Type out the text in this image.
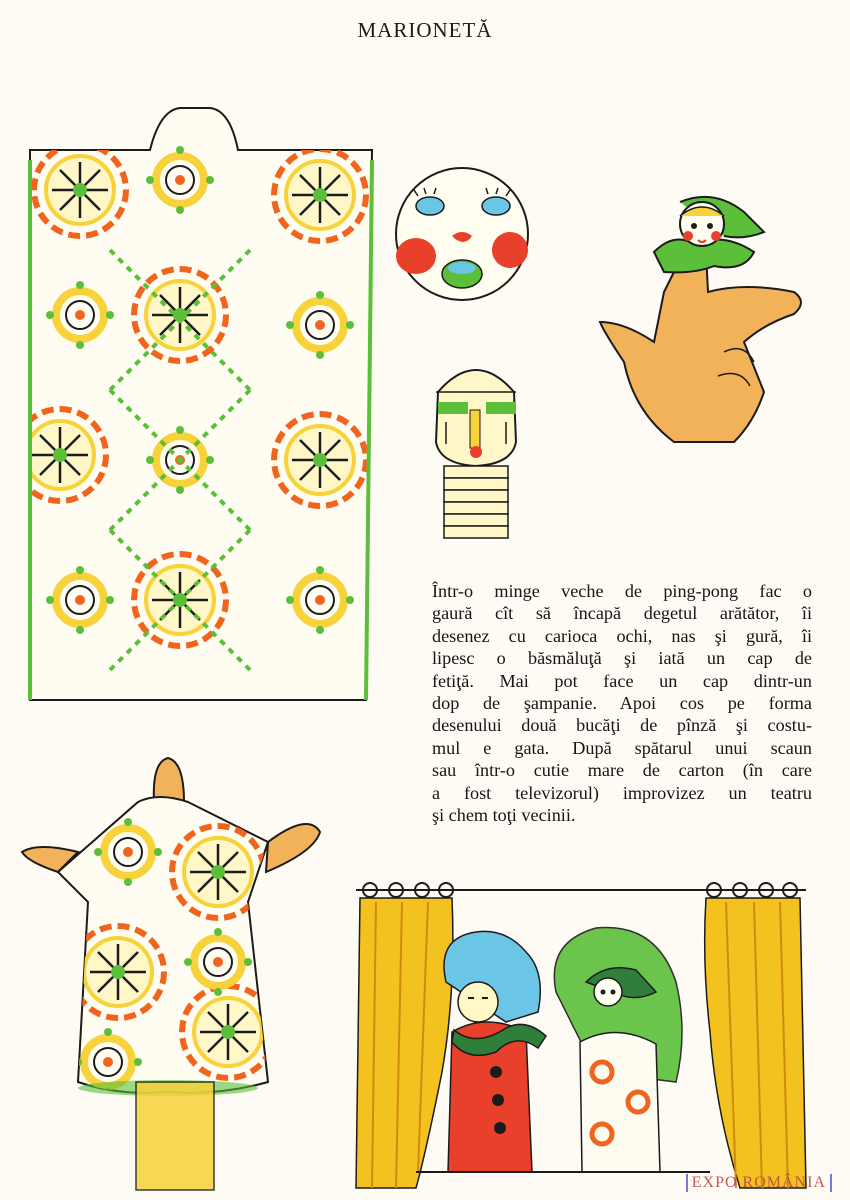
MARIONETĂ
Într-o minge veche de ping-pong fac o
gaură cît să încapă degetul arătător, îi
desenez cu carioca ochi, nas şi gură, îi
lipesc o băsmăluţă şi iată un cap de
fetiţă. Mai pot face un cap dintr-un
dop de şampanie. Apoi cos pe forma
desenului două bucăţi de pînză şi costu-
mul e gata. După spătarul unui scaun
sau într-o cutie mare de carton (în care
a fost televizorul) improvizez un teatru
şi chem toţi vecinii.
EXPO ROMÂNIA
